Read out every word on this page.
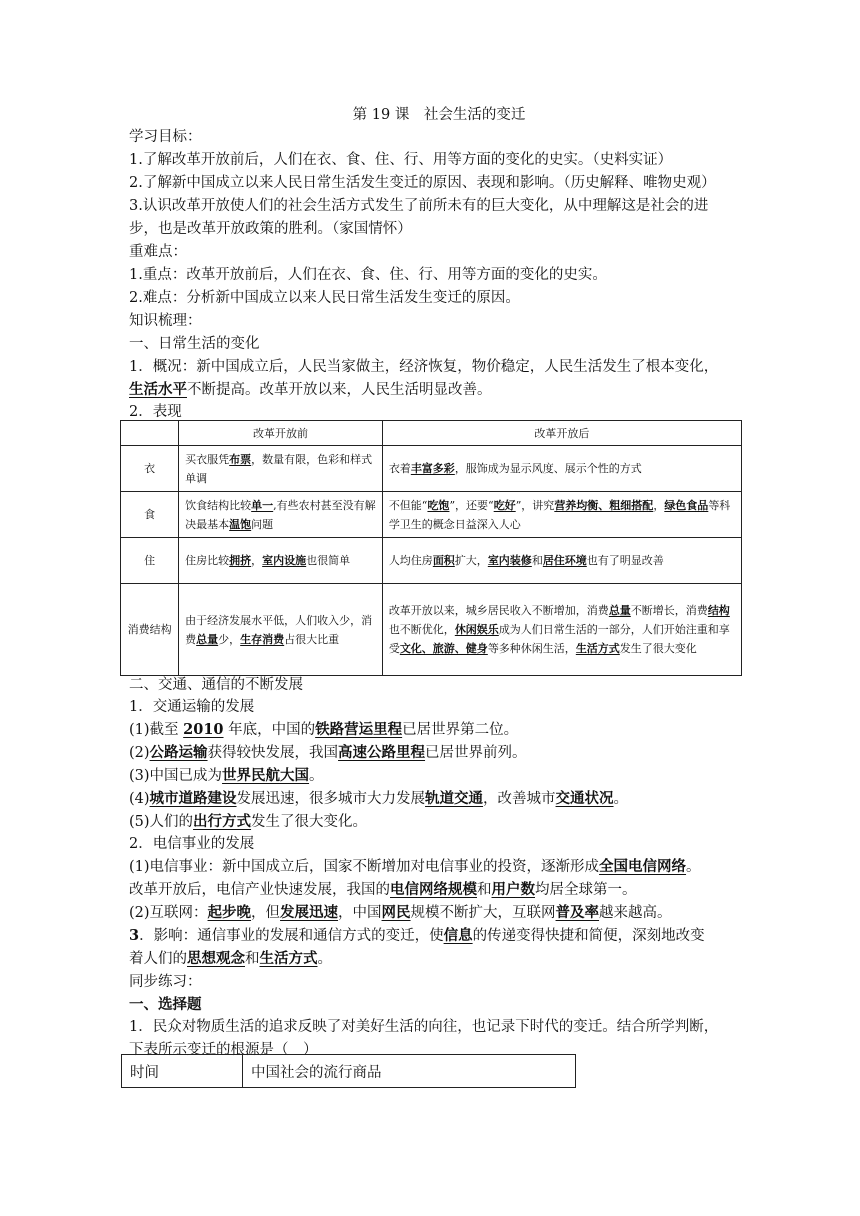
第 19 课　社会生活的变迁
学习目标：
1.了解改革开放前后，人们在衣、食、住、行、用等方面的变化的史实。（史料实证）
2.了解新中国成立以来人民日常生活发生变迁的原因、表现和影响。（历史解释、唯物史观）
3.认识改革开放使人们的社会生活方式发生了前所未有的巨大变化，从中理解这是社会的进
步，也是改革开放政策的胜利。（家国情怀）
重难点：
1.重点：改革开放前后，人们在衣、食、住、行、用等方面的变化的史实。
2.难点：分析新中国成立以来人民日常生活发生变迁的原因。
知识梳理：
一、日常生活的变化
1．概况：新中国成立后，人民当家做主，经济恢复，物价稳定，人民生活发生了根本变化，
生活水平不断提高。改革开放以来，人民生活明显改善。
2．表现
	改革开放前	改革开放后
衣	买衣服凭布票，数量有限，色彩和样式单调	衣着丰富多彩，服饰成为显示风度、展示个性的方式
食	饮食结构比较单一,有些农村甚至没有解决最基本温饱问题	不但能“吃饱”，还要“吃好”，讲究营养均衡、粗细搭配，绿色食品等科学卫生的概念日益深入人心
住	住房比较拥挤，室内设施也很简单	人均住房面积扩大，室内装修和居住环境也有了明显改善
消费结构	由于经济发展水平低，人们收入少，消费总量少，生存消费占很大比重	改革开放以来，城乡居民收入不断增加，消费总量不断增长，消费结构也不断优化，休闲娱乐成为人们日常生活的一部分，人们开始注重和享受文化、旅游、健身等多种休闲生活，生活方式发生了很大变化
二、交通、通信的不断发展
1．交通运输的发展
(1)截至 2010 年底，中国的铁路营运里程已居世界第二位。
(2)公路运输获得较快发展，我国高速公路里程已居世界前列。
(3)中国已成为世界民航大国。
(4)城市道路建设发展迅速，很多城市大力发展轨道交通，改善城市交通状况。
(5)人们的出行方式发生了很大变化。
2．电信事业的发展
(1)电信事业：新中国成立后，国家不断增加对电信事业的投资，逐渐形成全国电信网络。
改革开放后，电信产业快速发展，我国的电信网络规模和用户数均居全球第一。
(2)互联网：起步晚，但发展迅速，中国网民规模不断扩大，互联网普及率越来越高。
3．影响：通信事业的发展和通信方式的变迁，使信息的传递变得快捷和简便，深刻地改变
着人们的思想观念和生活方式。
同步练习：
一、选择题
1．民众对物质生活的追求反映了对美好生活的向往，也记录下时代的变迁。结合所学判断，
下表所示变迁的根源是（　）
时间	中国社会的流行商品
